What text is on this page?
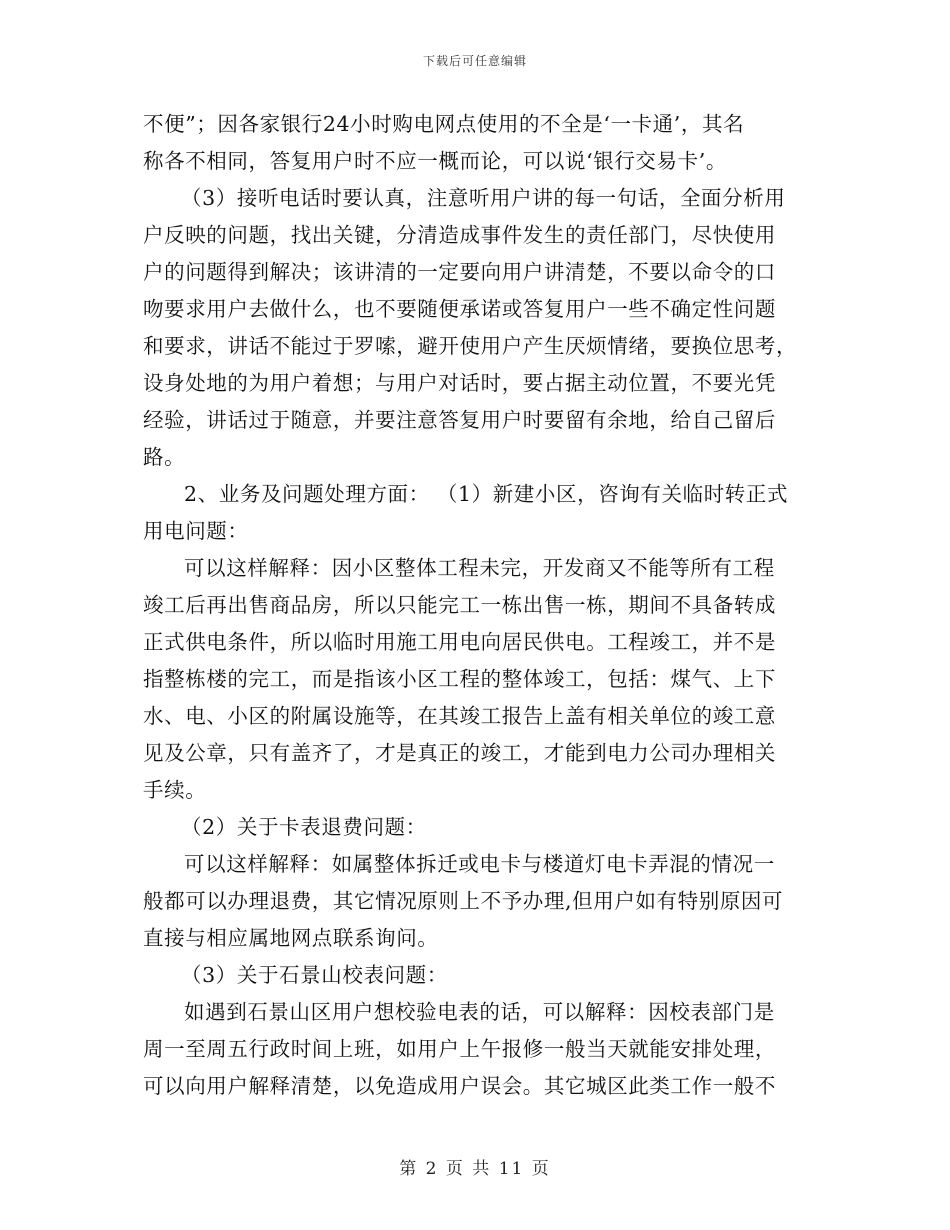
下载后可任意编辑
不便”；因各家银行24小时购电网点使用的不全是‘一卡通’，其名
称各不相同，答复用户时不应一概而论，可以说‘银行交易卡’。
（3）接听电话时要认真，注意听用户讲的每一句话，全面分析用
户反映的问题，找出关键，分清造成事件发生的责任部门，尽快使用
户的问题得到解决；该讲清的一定要向用户讲清楚，不要以命令的口
吻要求用户去做什么，也不要随便承诺或答复用户一些不确定性问题
和要求，讲话不能过于罗嗦，避开使用户产生厌烦情绪，要换位思考，
设身处地的为用户着想；与用户对话时，要占据主动位置，不要光凭
经验，讲话过于随意，并要注意答复用户时要留有余地，给自己留后
路。
2、业务及问题处理方面： （1）新建小区，咨询有关临时转正式
用电问题：
可以这样解释：因小区整体工程未完，开发商又不能等所有工程
竣工后再出售商品房，所以只能完工一栋出售一栋，期间不具备转成
正式供电条件，所以临时用施工用电向居民供电。工程竣工，并不是
指整栋楼的完工，而是指该小区工程的整体竣工，包括：煤气、上下
水、电、小区的附属设施等，在其竣工报告上盖有相关单位的竣工意
见及公章，只有盖齐了，才是真正的竣工，才能到电力公司办理相关
手续。
（2）关于卡表退费问题：
可以这样解释：如属整体拆迁或电卡与楼道灯电卡弄混的情况一
般都可以办理退费，其它情况原则上不予办理,但用户如有特别原因可
直接与相应属地网点联系询问。
（3）关于石景山校表问题：
如遇到石景山区用户想校验电表的话，可以解释：因校表部门是
周一至周五行政时间上班，如用户上午报修一般当天就能安排处理，
可以向用户解释清楚，以免造成用户误会。其它城区此类工作一般不
第 2 页 共 11 页
